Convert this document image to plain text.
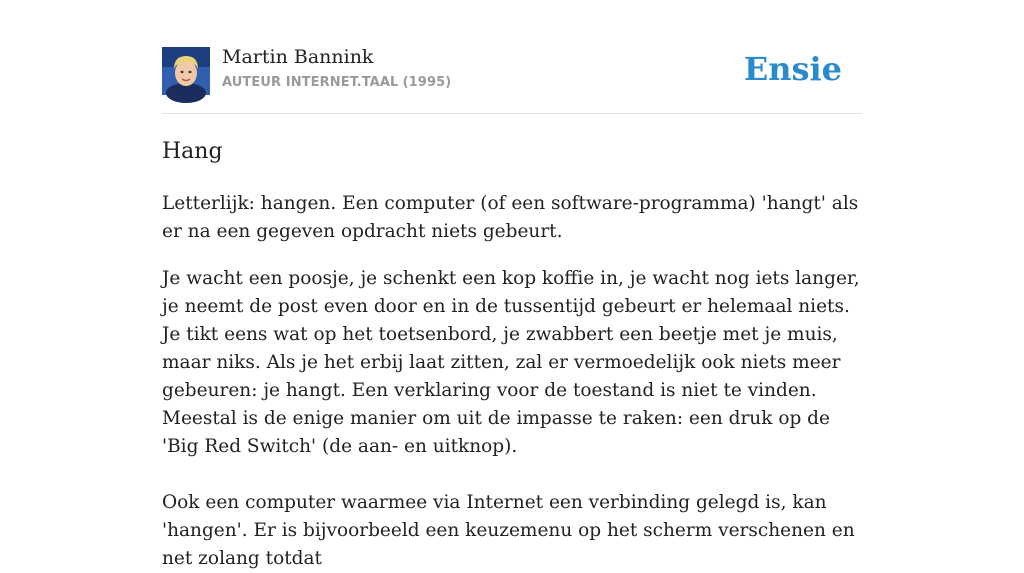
Martin Bannink
AUTEUR INTERNET.TAAL (1995)	Ensie
Hang

Letterlijk: hangen. Een computer (of een software-programma) 'hangt' als er na een gegeven opdracht niets gebeurt.

Je wacht een poosje, je schenkt een kop koffie in, je wacht nog iets langer, je neemt de post even door en in de tussentijd gebeurt er helemaal niets. Je tikt eens wat op het toetsenbord, je zwabbert een beetje met je muis, maar niks. Als je het erbij laat zitten, zal er vermoedelijk ook niets meer gebeuren: je hangt. Een verklaring voor de toestand is niet te vinden. Meestal is de enige manier om uit de impasse te raken: een druk op de 'Big Red Switch' (de aan- en uitknop).

Ook een computer waarmee via Internet een verbinding gelegd is, kan 'hangen'. Er is bijvoorbeeld een keuzemenu op het scherm verschenen en net zolang totdat
